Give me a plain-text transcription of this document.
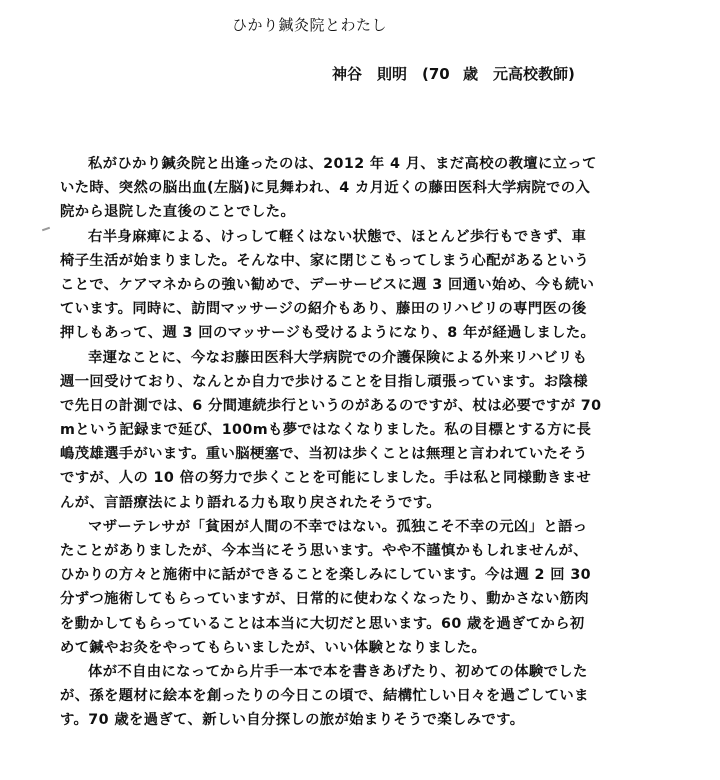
ひかり鍼灸院とわたし
神谷　則明　(70 歳　元高校教師)
私がひかり鍼灸院と出逢ったのは、2012 年 4 月、まだ高校の教壇に立って
いた時、突然の脳出血(左脳)に見舞われ、4 カ月近くの藤田医科大学病院での入
院から退院した直後のことでした。
右半身麻痺による、けっして軽くはない状態で、ほとんど歩行もできず、車
椅子生活が始まりました。そんな中、家に閉じこもってしまう心配があるという
ことで、ケアマネからの強い勧めで、デーサービスに週 3 回通い始め、今も続い
ています。同時に、訪問マッサージの紹介もあり、藤田のリハビリの専門医の後
押しもあって、週 3 回のマッサージも受けるようになり、8 年が経過しました。
幸運なことに、今なお藤田医科大学病院での介護保険による外来リハビリも
週一回受けており、なんとか自力で歩けることを目指し頑張っています。お陰様
で先日の計測では、6 分間連続歩行というのがあるのですが、杖は必要ですが 70
mという記録まで延び、100mも夢ではなくなりました。私の目標とする方に長
嶋茂雄選手がいます。重い脳梗塞で、当初は歩くことは無理と言われていたそう
ですが、人の 10 倍の努力で歩くことを可能にしました。手は私と同様動きませ
んが、言語療法により語れる力も取り戻されたそうです。
マザーテレサが「貧困が人間の不幸ではない。孤独こそ不幸の元凶」と語っ
たことがありましたが、今本当にそう思います。やや不謹慎かもしれませんが、
ひかりの方々と施術中に話ができることを楽しみにしています。今は週 2 回 30
分ずつ施術してもらっていますが、日常的に使わなくなったり、動かさない筋肉
を動かしてもらっていることは本当に大切だと思います。60 歳を過ぎてから初
めて鍼やお灸をやってもらいましたが、いい体験となりました。
体が不自由になってから片手一本で本を書きあげたり、初めての体験でした
が、孫を題材に絵本を創ったりの今日この頃で、結構忙しい日々を過ごしていま
す。70 歳を過ぎて、新しい自分探しの旅が始まりそうで楽しみです。
